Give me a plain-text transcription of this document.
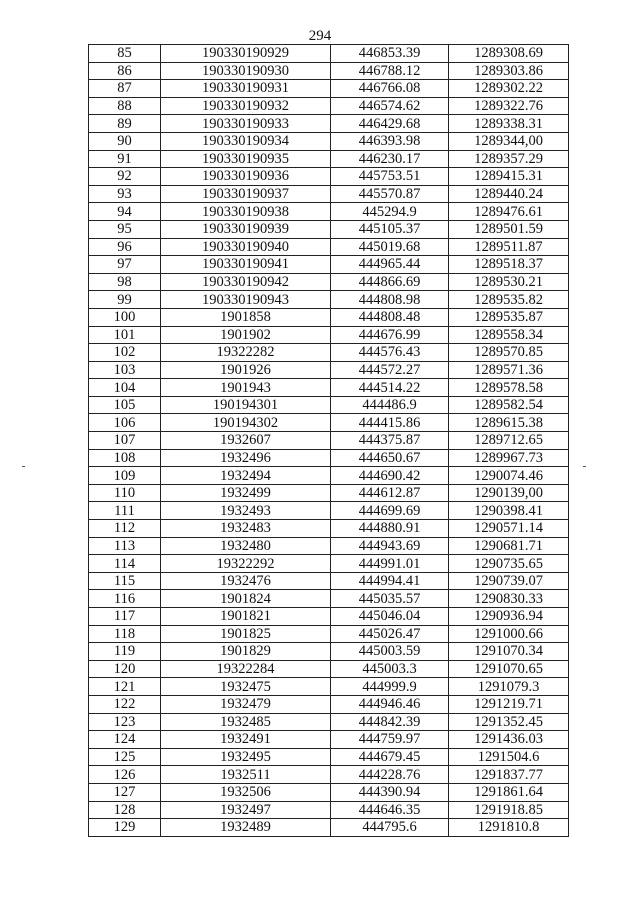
294
85	190330190929	446853.39	1289308.69
86	190330190930	446788.12	1289303.86
87	190330190931	446766.08	1289302.22
88	190330190932	446574.62	1289322.76
89	190330190933	446429.68	1289338.31
90	190330190934	446393.98	1289344,00
91	190330190935	446230.17	1289357.29
92	190330190936	445753.51	1289415.31
93	190330190937	445570.87	1289440.24
94	190330190938	445294.9	1289476.61
95	190330190939	445105.37	1289501.59
96	190330190940	445019.68	1289511.87
97	190330190941	444965.44	1289518.37
98	190330190942	444866.69	1289530.21
99	190330190943	444808.98	1289535.82
100	1901858	444808.48	1289535.87
101	1901902	444676.99	1289558.34
102	19322282	444576.43	1289570.85
103	1901926	444572.27	1289571.36
104	1901943	444514.22	1289578.58
105	190194301	444486.9	1289582.54
106	190194302	444415.86	1289615.38
107	1932607	444375.87	1289712.65
108	1932496	444650.67	1289967.73
109	1932494	444690.42	1290074.46
110	1932499	444612.87	1290139,00
111	1932493	444699.69	1290398.41
112	1932483	444880.91	1290571.14
113	1932480	444943.69	1290681.71
114	19322292	444991.01	1290735.65
115	1932476	444994.41	1290739.07
116	1901824	445035.57	1290830.33
117	1901821	445046.04	1290936.94
118	1901825	445026.47	1291000.66
119	1901829	445003.59	1291070.34
120	19322284	445003.3	1291070.65
121	1932475	444999.9	1291079.3
122	1932479	444946.46	1291219.71
123	1932485	444842.39	1291352.45
124	1932491	444759.97	1291436.03
125	1932495	444679.45	1291504.6
126	1932511	444228.76	1291837.77
127	1932506	444390.94	1291861.64
128	1932497	444646.35	1291918.85
129	1932489	444795.6	1291810.8
